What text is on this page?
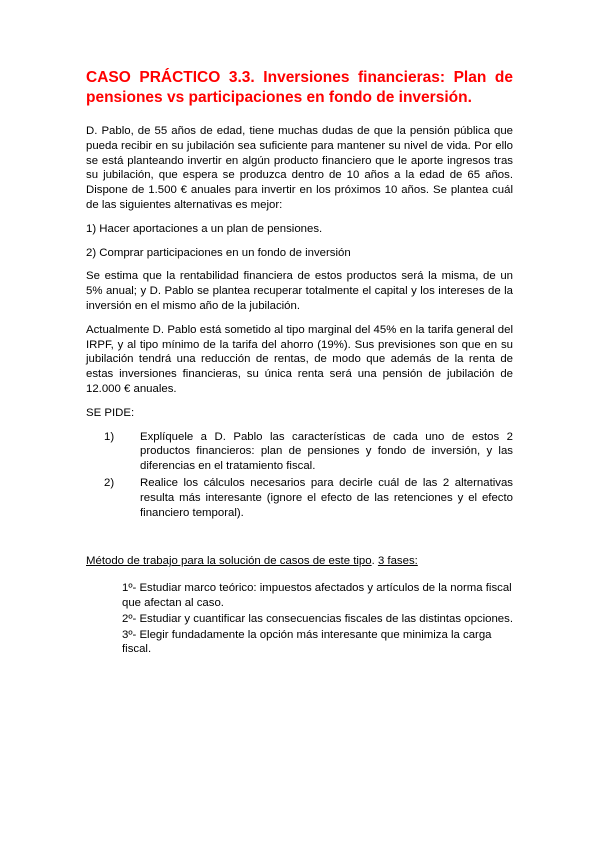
CASO PRÁCTICO 3.3. Inversiones financieras: Plan de pensiones vs participaciones en fondo de inversión.

D. Pablo, de 55 años de edad, tiene muchas dudas de que la pensión pública que pueda recibir en su jubilación sea suficiente para mantener su nivel de vida. Por ello se está planteando invertir en algún producto financiero que le aporte ingresos tras su jubilación, que espera se produzca dentro de 10 años a la edad de 65 años. Dispone de 1.500 € anuales para invertir en los próximos 10 años. Se plantea cuál de las siguientes alternativas es mejor:

1) Hacer aportaciones a un plan de pensiones.

2) Comprar participaciones en un fondo de inversión

Se estima que la rentabilidad financiera de estos productos será la misma, de un 5% anual; y D. Pablo se plantea recuperar totalmente el capital y los intereses de la inversión en el mismo año de la jubilación.

Actualmente D. Pablo está sometido al tipo marginal del 45% en la tarifa general del IRPF, y al tipo mínimo de la tarifa del ahorro (19%). Sus previsiones son que en su jubilación tendrá una reducción de rentas, de modo que además de la renta de estas inversiones financieras, su única renta será una pensión de jubilación de 12.000 € anuales.

SE PIDE:

1) Explíquele a D. Pablo las características de cada uno de estos 2 productos financieros: plan de pensiones y fondo de inversión, y las diferencias en el tratamiento fiscal.
2) Realice los cálculos necesarios para decirle cuál de las 2 alternativas resulta más interesante (ignore el efecto de las retenciones y el efecto financiero temporal).

Método de trabajo para la solución de casos de este tipo. 3 fases:

1º- Estudiar marco teórico: impuestos afectados y artículos de la norma fiscal que afectan al caso.
2º- Estudiar y cuantificar las consecuencias fiscales de las distintas opciones.
3º- Elegir fundadamente la opción más interesante que minimiza la carga fiscal.
